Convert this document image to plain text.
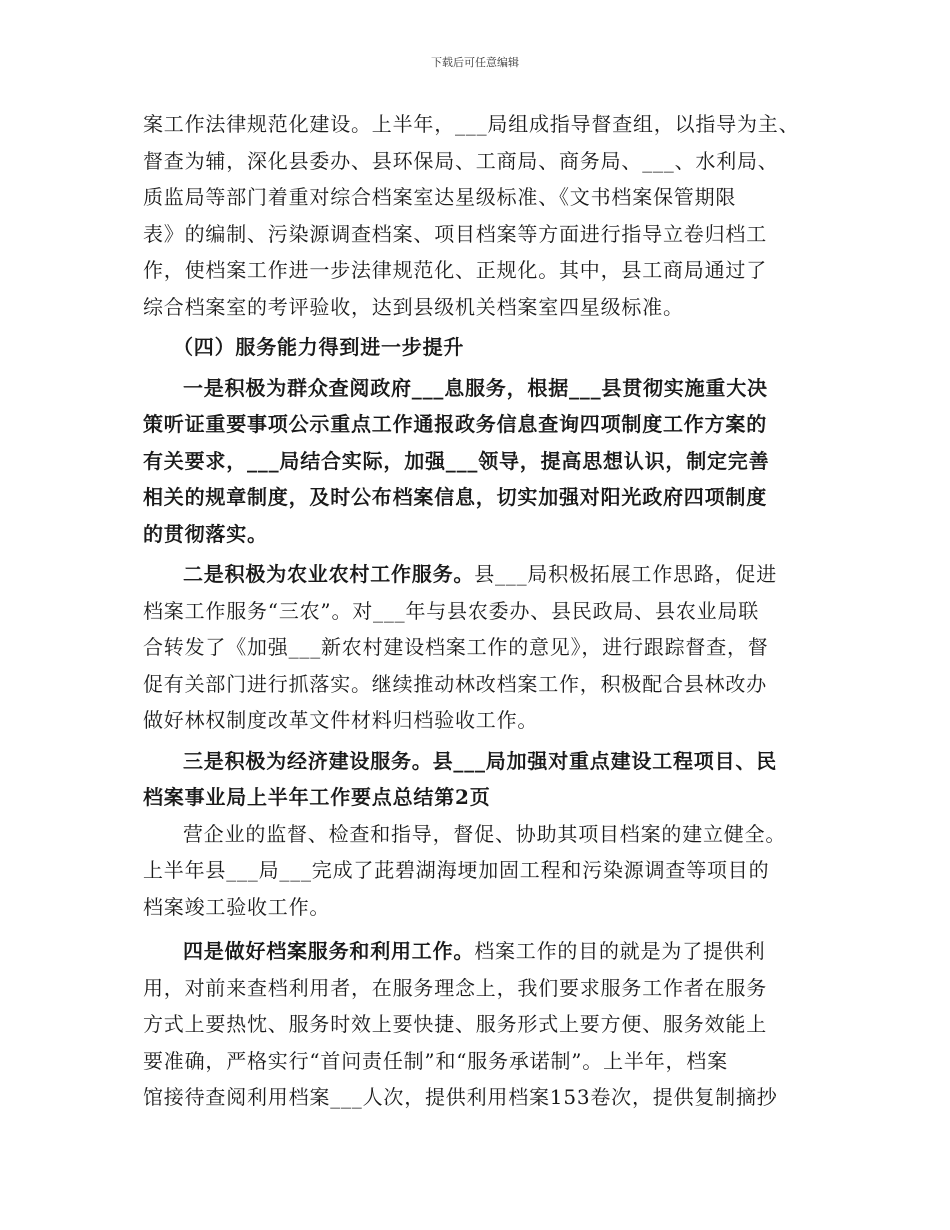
下载后可任意编辑
案工作法律规范化建设。上半年，___局组成指导督查组，以指导为主、
督查为辅，深化县委办、县环保局、工商局、商务局、___、水利局、
质监局等部门着重对综合档案室达星级标准、《文书档案保管期限
表》的编制、污染源调查档案、项目档案等方面进行指导立卷归档工
作，使档案工作进一步法律规范化、正规化。其中，县工商局通过了
综合档案室的考评验收，达到县级机关档案室四星级标准。
（四）服务能力得到进一步提升
一是积极为群众查阅政府___息服务，根据___县贯彻实施重大决
策听证重要事项公示重点工作通报政务信息查询四项制度工作方案的
有关要求，___局结合实际，加强___领导，提高思想认识，制定完善
相关的规章制度，及时公布档案信息，切实加强对阳光政府四项制度
的贯彻落实。
二是积极为农业农村工作服务。县___局积极拓展工作思路，促进
档案工作服务“三农”。对___年与县农委办、县民政局、县农业局联
合转发了《加强___新农村建设档案工作的意见》，进行跟踪督查，督
促有关部门进行抓落实。继续推动林改档案工作，积极配合县林改办
做好林权制度改革文件材料归档验收工作。
三是积极为经济建设服务。县___局加强对重点建设工程项目、民
档案事业局上半年工作要点总结第2页
营企业的监督、检查和指导，督促、协助其项目档案的建立健全。
上半年县___局___完成了茈碧湖海埂加固工程和污染源调查等项目的
档案竣工验收工作。
四是做好档案服务和利用工作。档案工作的目的就是为了提供利
用，对前来查档利用者，在服务理念上，我们要求服务工作者在服务
方式上要热忱、服务时效上要快捷、服务形式上要方便、服务效能上
要准确，严格实行“首问责任制”和“服务承诺制”。上半年，档案
馆接待查阅利用档案___人次，提供利用档案153卷次，提供复制摘抄
